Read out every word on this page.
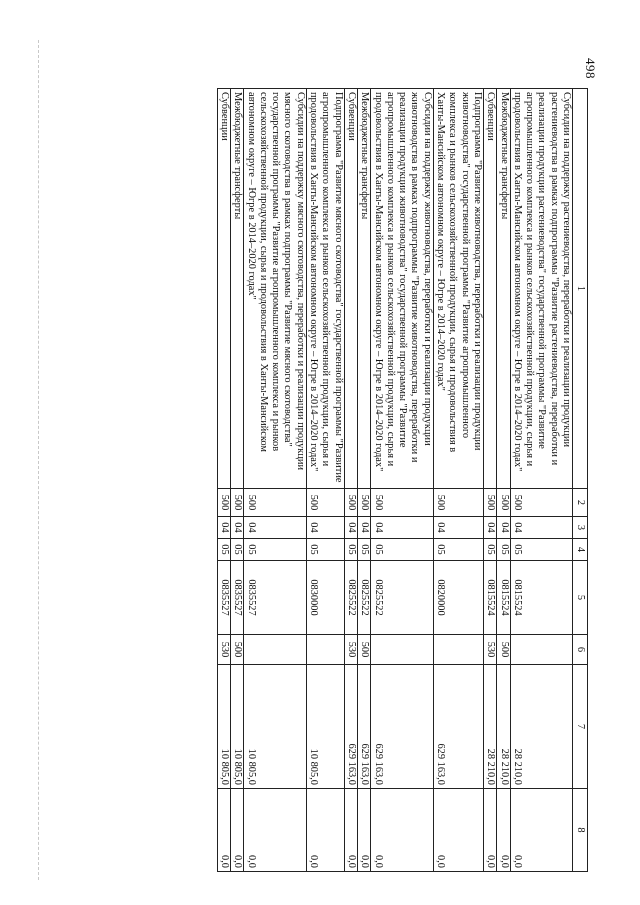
498
1	2	3	4	5	6	7	8
Субсидии на поддержку растениеводства, переработки и реализации продукции растениеводства в рамках подпрограммы "Развитие растениеводства, переработки и реализации продукции растениеводства" государственной программы "Развитие агропромышленного комплекса и рынков сельскохозяйственной продукции, сырья и продовольствия в Ханты-Мансийском автономном округе – Югре в 2014–2020 годах"	500	04	05	0815524		28 210,0	0,0
Межбюджетные трансферты	500	04	05	0815524	500	28 210,0	0,0
Субвенции	500	04	05	0815524	530	28 210,0	0,0
Подпрограмма "Развитие животноводства, переработки и реализации продукции животноводства" государственной программы "Развитие агропромышленного комплекса и рынков сельскохозяйственной продукции, сырья и продовольствия в Ханты-Мансийском автономном округе – Югре в 2014–2020 годах"	500	04	05	0820000		629 163,0	0,0
Субсидии на поддержку животноводства, переработки и реализации продукции животноводства в рамках подпрограммы "Развитие животноводства, переработки и реализации продукции животноводства" государственной программы "Развитие агропромышленного комплекса и рынков сельскохозяйственной продукции, сырья и продовольствия в Ханты-Мансийском автономном округе – Югре в 2014–2020 годах"	500	04	05	0825522		629 163,0	0,0
Межбюджетные трансферты	500	04	05	0825522	500	629 163,0	0,0
Субвенции	500	04	05	0825522	530	629 163,0	0,0
Подпрограмма "Развитие мясного скотоводства" государственной программы "Развитие агропромышленного комплекса и рынков сельскохозяйственной продукции, сырья и продовольствия в Ханты-Мансийском автономном округе – Югре в 2014–2020 годах"	500	04	05	0830000		10 805,0	0,0
Субсидии на поддержку мясного скотоводства, переработки и реализации продукции мясного скотоводства в рамках подпрограммы "Развитие мясного скотоводства" государственной программы "Развитие агропромышленного комплекса и рынков сельскохозяйственной продукции, сырья и продовольствия в Ханты-Мансийском автономном округе – Югре в 2014–2020 годах"	500	04	05	0835527		10 805,0	0,0
Межбюджетные трансферты	500	04	05	0835527	500	10 805,0	0,0
Субвенции	500	04	05	0835527	530	10 805,0	0,0
